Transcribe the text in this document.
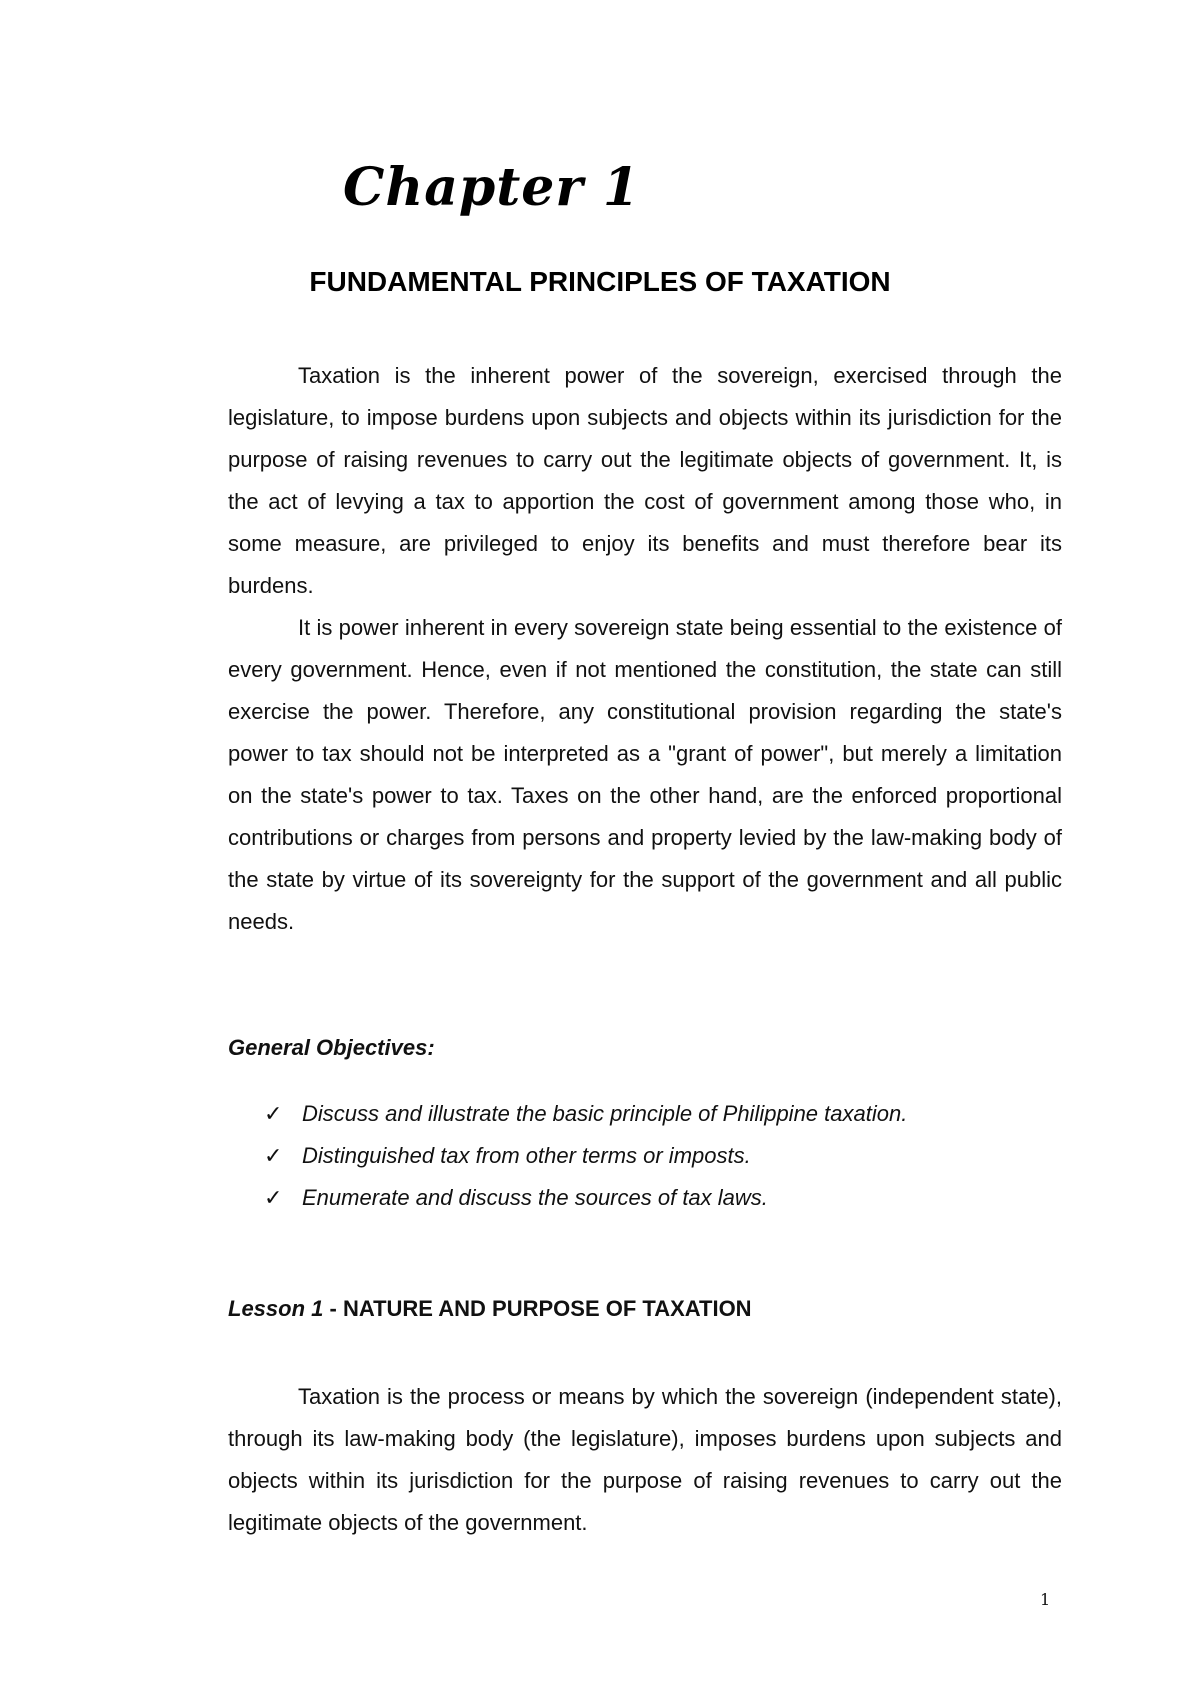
Chapter 1
FUNDAMENTAL PRINCIPLES OF TAXATION

Taxation is the inherent power of the sovereign, exercised through the legislature, to impose burdens upon subjects and objects within its jurisdiction for the purpose of raising revenues to carry out the legitimate objects of government. It, is the act of levying a tax to apportion the cost of government among those who, in some measure, are privileged to enjoy its benefits and must therefore bear its burdens.

It is power inherent in every sovereign state being essential to the existence of every government. Hence, even if not mentioned the constitution, the state can still exercise the power. Therefore, any constitutional provision regarding the state's power to tax should not be interpreted as a "grant of power", but merely a limitation on the state's power to tax. Taxes on the other hand, are the enforced proportional contributions or charges from persons and property levied by the law-making body of the state by virtue of its sovereignty for the support of the government and all public needs.

General Objectives:
✓ Discuss and illustrate the basic principle of Philippine taxation.
✓ Distinguished tax from other terms or imposts.
✓ Enumerate and discuss the sources of tax laws.
Lesson 1 - NATURE AND PURPOSE OF TAXATION

Taxation is the process or means by which the sovereign (independent state), through its law-making body (the legislature), imposes burdens upon subjects and objects within its jurisdiction for the purpose of raising revenues to carry out the legitimate objects of the government.

1
